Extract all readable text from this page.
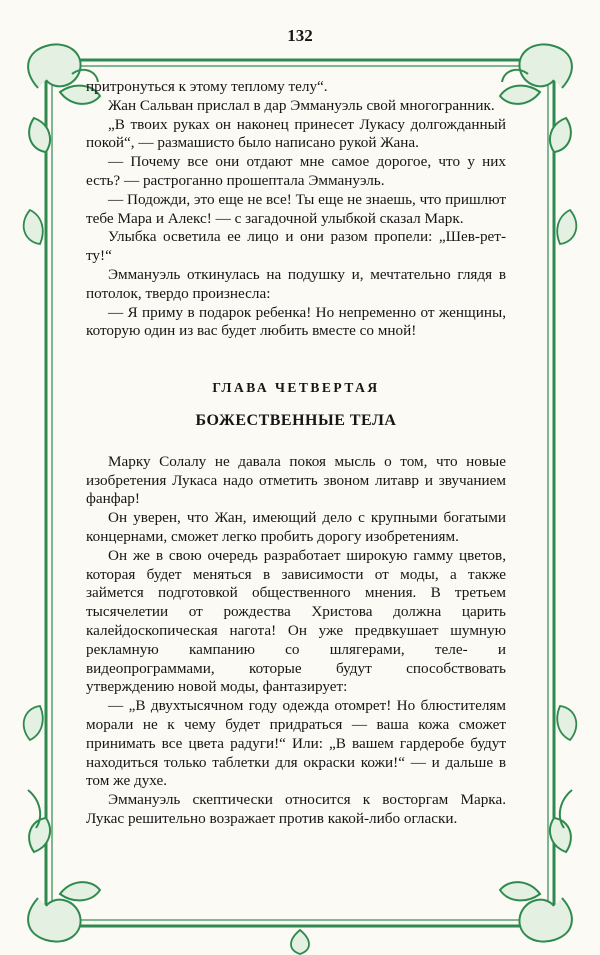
132

притронуться к этому теплому телу“.

Жан Сальван прислал в дар Эммануэль свой многогранник.

„В твоих руках он наконец принесет Лукасу долгожданный покой“, — размашисто было написано рукой Жана.

— Почему все они отдают мне самое дорогое, что у них есть? — растроганно прошептала Эммануэль.

— Подожди, это еще не все! Ты еще не знаешь, что пришлют тебе Мара и Алекс! — с загадочной улыбкой сказал Марк.

Улыбка осветила ее лицо и они разом пропели: „Шев-рет-ту!“

Эммануэль откинулась на подушку и, мечтательно глядя в потолок, твердо произнесла:

— Я приму в подарок ребенка! Но непременно от женщины, которую один из вас будет любить вместе со мной!

ГЛАВА ЧЕТВЕРТАЯ
БОЖЕСТВЕННЫЕ ТЕЛА

Марку Солалу не давала покоя мысль о том, что новые изобретения Лукаса надо отметить звоном литавр и звучанием фанфар!

Он уверен, что Жан, имеющий дело с крупными богатыми концернами, сможет легко пробить дорогу изобретениям.

Он же в свою очередь разработает широкую гамму цветов, которая будет меняться в зависимости от моды, а также займется подготовкой общественного мнения. В третьем тысячелетии от рождества Христова должна царить калейдоскопическая нагота! Он уже предвкушает шумную рекламную кампанию со шлягерами, теле- и видеопрограммами, которые будут способствовать утверждению новой моды, фантазирует:

— „В двухтысячном году одежда отомрет! Но блюстителям морали не к чему будет придраться — ваша кожа сможет принимать все цвета радуги!“ Или: „В вашем гардеробе будут находиться только таблетки для окраски кожи!“ — и дальше в том же духе.

Эммануэль скептически относится к восторгам Марка. Лукас решительно возражает против какой-либо огласки.
